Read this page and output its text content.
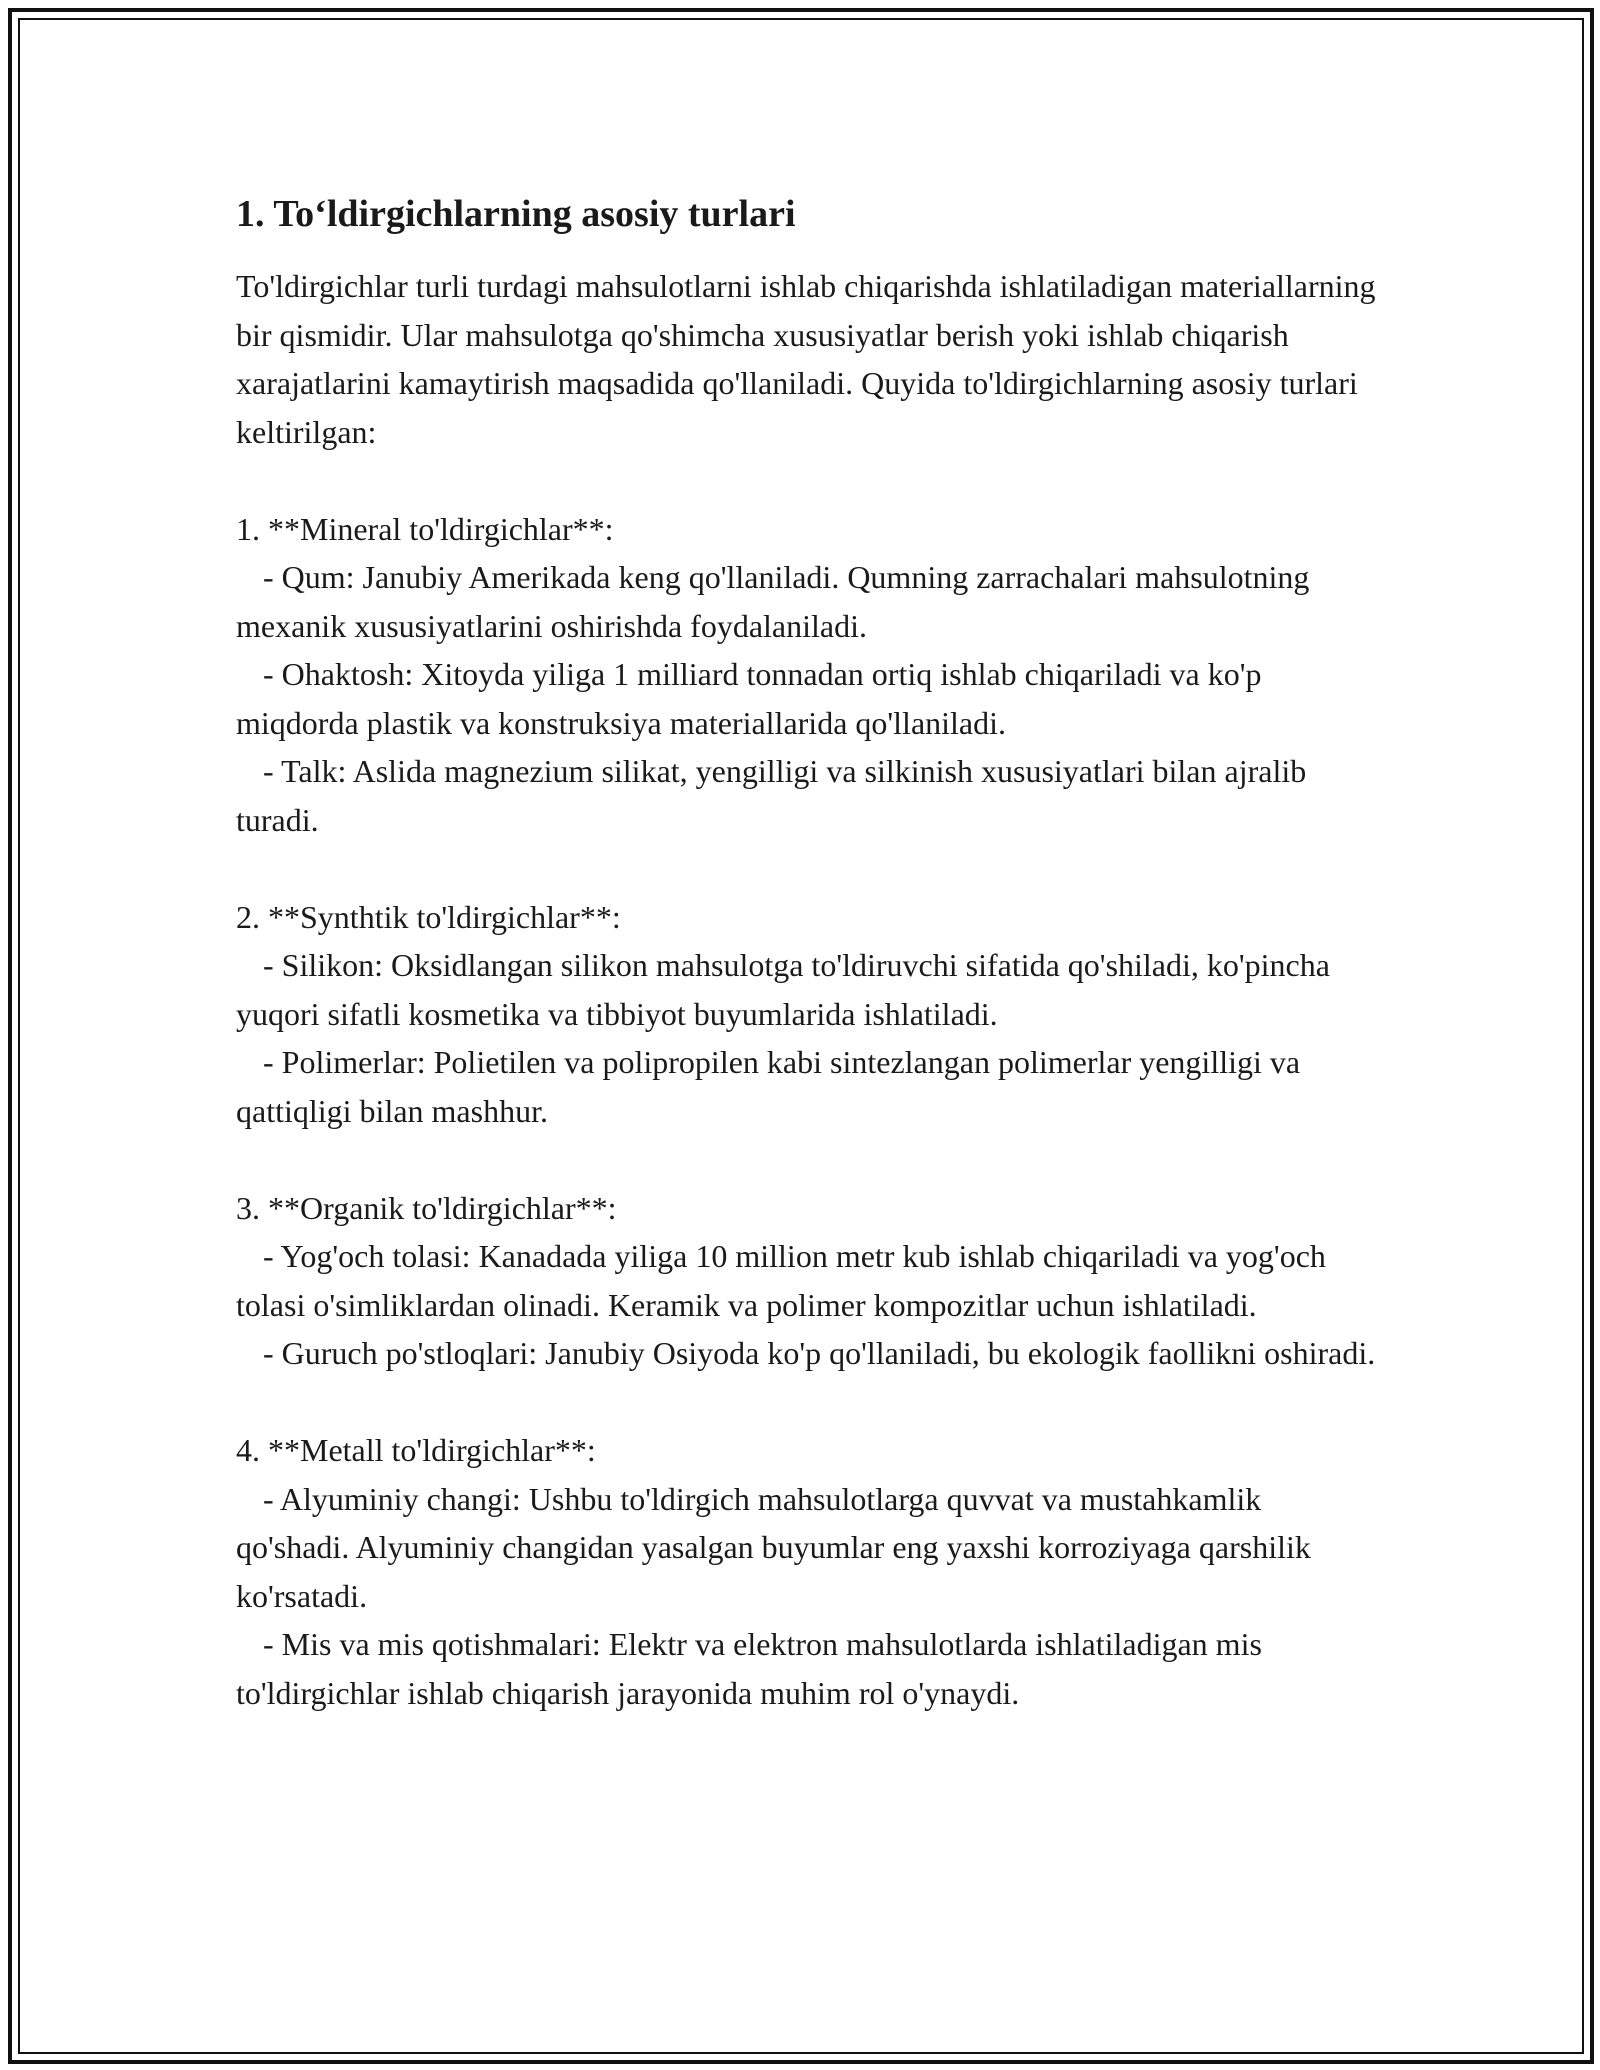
1. To‘ldirgichlarning asosiy turlari

To'ldirgichlar turli turdagi mahsulotlarni ishlab chiqarishda ishlatiladigan materiallarning bir qismidir. Ular mahsulotga qo'shimcha xususiyatlar berish yoki ishlab chiqarish xarajatlarini kamaytirish maqsadida qo'llaniladi. Quyida to'ldirgichlarning asosiy turlari keltirilgan:

1. **Mineral to'ldirgichlar**:

- Qum: Janubiy Amerikada keng qo'llaniladi. Qumning zarrachalari mahsulotning mexanik xususiyatlarini oshirishda foydalaniladi.

- Ohaktosh: Xitoyda yiliga 1 milliard tonnadan ortiq ishlab chiqariladi va ko'p miqdorda plastik va konstruksiya materiallarida qo'llaniladi.

- Talk: Aslida magnezium silikat, yengilligi va silkinish xususiyatlari bilan ajralib turadi.

2. **Synthtik to'ldirgichlar**:

- Silikon: Oksidlangan silikon mahsulotga to'ldiruvchi sifatida qo'shiladi, ko'pincha yuqori sifatli kosmetika va tibbiyot buyumlarida ishlatiladi.

- Polimerlar: Polietilen va polipropilen kabi sintezlangan polimerlar yengilligi va qattiqligi bilan mashhur.

3. **Organik to'ldirgichlar**:

- Yog'och tolasi: Kanadada yiliga 10 million metr kub ishlab chiqariladi va yog'och tolasi o'simliklardan olinadi. Keramik va polimer kompozitlar uchun ishlatiladi.

- Guruch po'stloqlari: Janubiy Osiyoda ko'p qo'llaniladi, bu ekologik faollikni oshiradi.

4. **Metall to'ldirgichlar**:

- Alyuminiy changi: Ushbu to'ldirgich mahsulotlarga quvvat va mustahkamlik qo'shadi. Alyuminiy changidan yasalgan buyumlar eng yaxshi korroziyaga qarshilik ko'rsatadi.

- Mis va mis qotishmalari: Elektr va elektron mahsulotlarda ishlatiladigan mis to'ldirgichlar ishlab chiqarish jarayonida muhim rol o'ynaydi.
